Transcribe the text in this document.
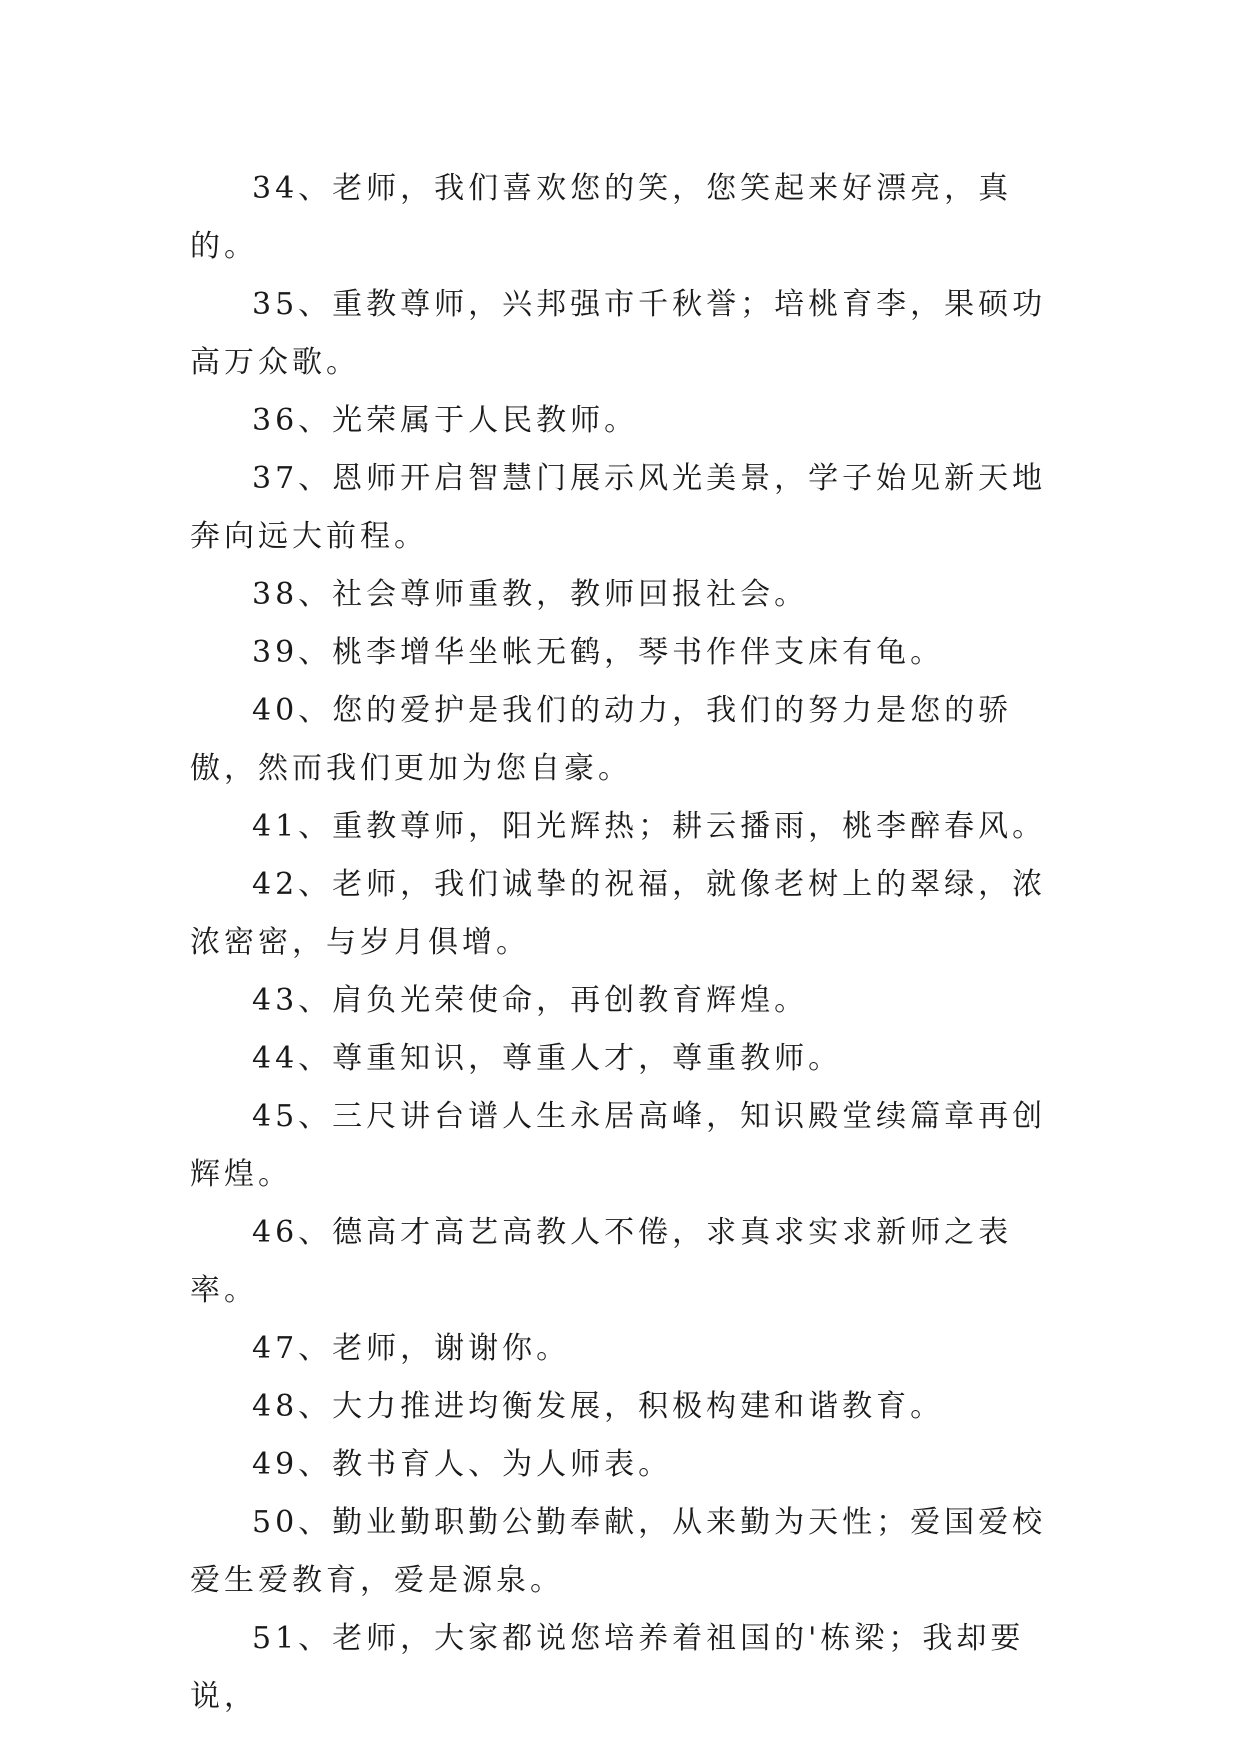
34、老师，我们喜欢您的笑，您笑起来好漂亮，真的。

35、重教尊师，兴邦强市千秋誉；培桃育李，果硕功高万众歌。

36、光荣属于人民教师。

37、恩师开启智慧门展示风光美景，学子始见新天地奔向远大前程。

38、社会尊师重教，教师回报社会。

39、桃李增华坐帐无鹤，琴书作伴支床有龟。

40、您的爱护是我们的动力，我们的努力是您的骄傲，然而我们更加为您自豪。

41、重教尊师，阳光辉热；耕云播雨，桃李醉春风。

42、老师，我们诚挚的祝福，就像老树上的翠绿，浓浓密密，与岁月俱增。

43、肩负光荣使命，再创教育辉煌。

44、尊重知识，尊重人才，尊重教师。

45、三尺讲台谱人生永居高峰，知识殿堂续篇章再创辉煌。

46、德高才高艺高教人不倦，求真求实求新师之表率。

47、老师，谢谢你。

48、大力推进均衡发展，积极构建和谐教育。

49、教书育人、为人师表。

50、勤业勤职勤公勤奉献，从来勤为天性；爱国爱校爱生爱教育，爱是源泉。

51、老师，大家都说您培养着祖国的'栋梁；我却要说，
